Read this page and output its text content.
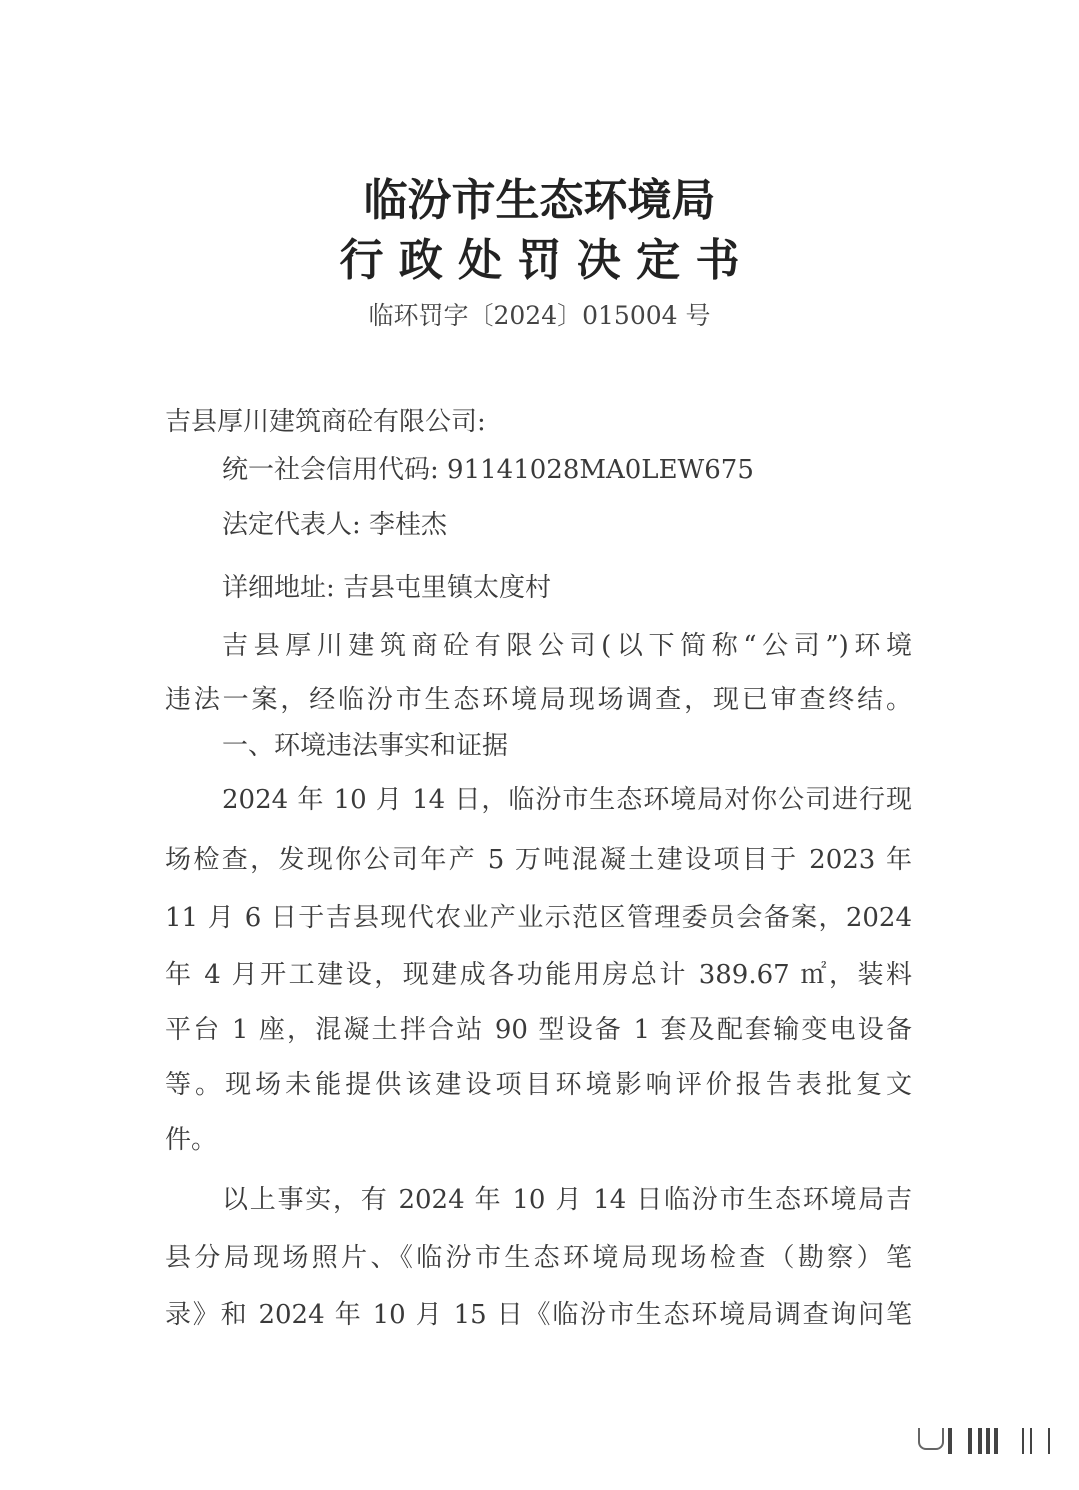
临汾市生态环境局
行 政 处 罚 决 定 书
临环罚字〔2024〕015004 号
吉县厚川建筑商砼有限公司:
统一社会信用代码: 91141028MA0LEW675
法定代表人: 李桂杰
详细地址: 吉县屯里镇太度村
吉县厚川建筑商砼有限公司(以下简称“公司”)环境
违法一案，经临汾市生态环境局现场调查，现已审查终结。
一、环境违法事实和证据
2024 年 10 月 14 日，临汾市生态环境局对你公司进行现
场检查，发现你公司年产 5 万吨混凝土建设项目于 2023 年
11 月 6 日于吉县现代农业产业示范区管理委员会备案，2024
年 4 月开工建设，现建成各功能用房总计 389.67 ㎡，装料
平台 1 座，混凝土拌合站 90 型设备 1 套及配套输变电设备
等。现场未能提供该建设项目环境影响评价报告表批复文
件。
以上事实，有 2024 年 10 月 14 日临汾市生态环境局吉
县分局现场照片、《临汾市生态环境局现场检查（勘察）笔
录》和 2024 年 10 月 15 日《临汾市生态环境局调查询问笔
